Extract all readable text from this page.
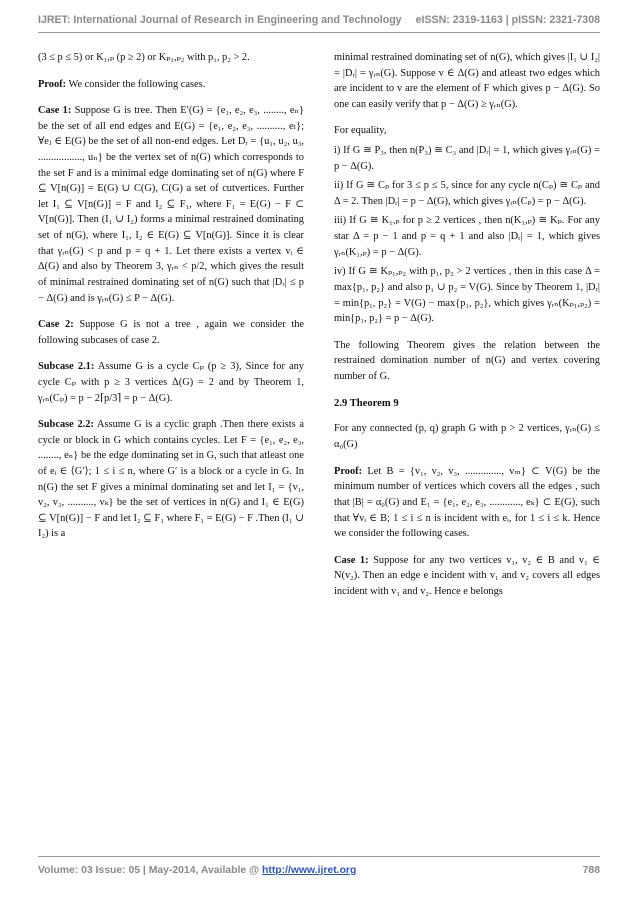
IJRET: International Journal of Research in Engineering and Technology eISSN: 2319-1163 | pISSN: 2321-7308

(3 ≤ p ≤ 5) or K₁,ₚ (p ≥ 2) or Kₚ₁,ₚ₂ with p₁, p₂ > 2.

Proof: We consider the following cases.

Case 1: Suppose G is tree. Then E′(G) = {e₁, e₂, e₃, ........, eₙ} be the set of all end edges and E(G) = {e₁, e₂, e₃, .........., eₗ}; ∀eⱼ ∈ E(G) be the set of all non-end edges. Let Dᵣ = {u₁, u₂, u₃, ................., uₙ} be the vertex set of n(G) which corresponds to the set F and is a minimal edge dominating set of n(G) where F ⊆ V[n(G)] = E(G) ∪ C(G), C(G) a set of cutvertices. Further let I₁ ⊆ V[n(G)] = F and I₂ ⊆ F₁, where F₁ = E(G) − F ⊂ V[n(G)]. Then (I₁ ∪ I₂) forms a minimal restrained dominating set of n(G), where I₁, I₂ ∈ E(G) ⊆ V[n(G)]. Since it is clear that γᵣₙ(G) < p and p = q + 1. Let there exists a vertex vᵢ ∈ Δ(G) and also by Theorem 3, γᵣₙ < p/2, which gives the result of minimal restrained dominating set of n(G) such that |Dᵣ| ≤ p − Δ(G) and is γᵣₙ(G) ≤ P − Δ(G).

Case 2: Suppose G is not a tree , again we consider the following subcases of case 2.

Subcase 2.1: Assume G is a cycle Cₚ (p ≥ 3), Since for any cycle Cₚ with p ≥ 3 vertices Δ(G) = 2 and by Theorem 1, γᵣₙ(Cₚ) = p − 2⌈p/3⌉ = p − Δ(G).

Subcase 2.2: Assume G is a cyclic graph .Then there exists a cycle or block in G which contains cycles. Let F = {e₁, e₂, e₃, ........, eₙ} be the edge dominating set in G, such that atleast one of eᵢ ∈ ⟨G′⟩; 1 ≤ i ≤ n, where G′ is a block or a cycle in G. In n(G) the set F gives a minimal dominating set and let I₁ = {v₁, v₂, v₃, .........., vₖ} be the set of vertices in n(G) and I₁ ∈ E(G) ⊆ V[n(G)] − F and let I₂ ⊆ F₁ where F₁ = E(G) − F .Then (I₁ ∪ I₂) is a

minimal restrained dominating set of n(G), which gives |I₁ ∪ I₂| = |Dᵣ| = γᵣₙ(G). Suppose v ∈ Δ(G) and atleast two edges which are incident to v are the element of F which gives p − Δ(G). So one can easily verify that p − Δ(G) ≥ γᵣₙ(G).

For equality,

i) If G ≅ P₃, then n(P₃) ≅ C₃ and |Dᵣ| = 1, which gives γᵣₙ(G) = p − Δ(G).

ii) If G ≅ Cₚ for 3 ≤ p ≤ 5, since for any cycle n(Cₚ) ≅ Cₚ and Δ = 2. Then |Dᵣ| = p − Δ(G), which gives γᵣₙ(Cₚ) = p − Δ(G).

iii) If G ≅ K₁,ₚ for p ≥ 2 vertices , then n(K₁,ₚ) ≅ Kₚ. For any star Δ = p − 1 and p = q + 1 and also |Dᵣ| = 1, which gives γᵣₙ(K₁,ₚ) = p − Δ(G).

iv) If G ≅ Kₚ₁,ₚ₂ with p₁, p₂ > 2 vertices , then in this case Δ = max{p₁, p₂} and also p₁ ∪ p₂ = V(G). Since by Theorem 1, |Dᵣ| = min{p₁, p₂} = V(G) − max{p₁, p₂}, which gives γᵣₙ(Kₚ₁,ₚ₂) = min{p₁, p₂} = p − Δ(G).

The following Theorem gives the relation between the restrained domination number of n(G) and vertex covering number of G.

2.9 Theorem 9

For any connected (p, q) graph G with p > 2 vertices, γᵣₙ(G) ≤ α₀(G)

Proof: Let B = {v₁, v₂, v₃, .............., vₘ} ⊂ V(G) be the minimum number of vertices which covers all the edges , such that |B| = α₀(G) and E₁ = {e₁, e₂, e₃, ............, eₖ} ⊂ E(G), such that ∀vᵢ ∈ B; 1 ≤ i ≤ n is incident with eᵢ, for 1 ≤ i ≤ k. Hence we consider the following cases.

Case 1: Suppose for any two vertices v₁, v₂ ∈ B and v₁ ∈ N(v₂). Then an edge e incident with v₁ and v₂ covers all edges incident with v₁ and v₂. Hence e belongs

Volume: 03 Issue: 05 | May-2014, Available @ http://www.ijret.org	788
